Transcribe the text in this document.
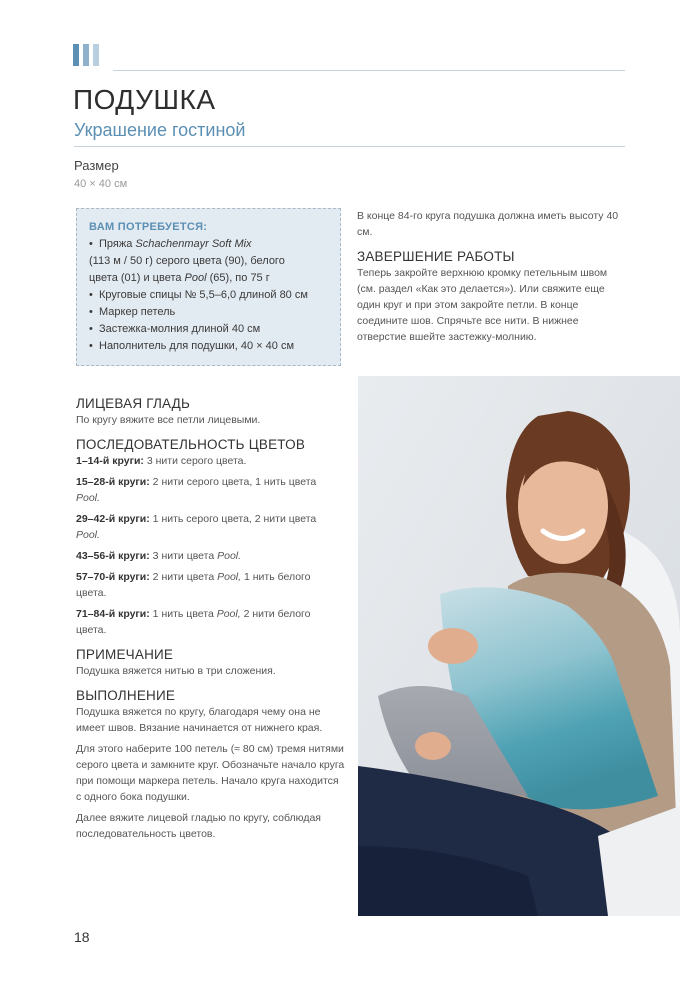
ПОДУШКА
Украшение гостиной
Размер
40 × 40 см
ВАМ ПОТРЕБУЕТСЯ:
• Пряжа Schachenmayr Soft Mix
(113 м / 50 г) серого цвета (90), белого
цвета (01) и цвета Pool (65), по 75 г
• Круговые спицы № 5,5–6,0 длиной 80 см
• Маркер петель
• Застежка-молния длиной 40 см
• Наполнитель для подушки, 40 × 40 см

В конце 84-го круга подушка должна иметь высоту 40 см.

ЗАВЕРШЕНИЕ РАБОТЫ

Теперь закройте верхнюю кромку петельным швом (см. раздел «Как это делается»). Или свяжите еще один круг и при этом закройте петли. В конце соедините шов. Спрячьте все нити. В нижнее отверстие вшейте застежку-молнию.

ЛИЦЕВАЯ ГЛАДЬ

По кругу вяжите все петли лицевыми.

ПОСЛЕДОВАТЕЛЬНОСТЬ ЦВЕТОВ

1–14-й круги: 3 нити серого цвета.

15–28-й круги: 2 нити серого цвета, 1 нить цвета
Pool.

29–42-й круги: 1 нить серого цвета, 2 нити цвета
Pool.

43–56-й круги: 3 нити цвета Pool.

57–70-й круги: 2 нити цвета Pool, 1 нить белого
цвета.

71–84-й круги: 1 нить цвета Pool, 2 нити белого
цвета.

ПРИМЕЧАНИЕ

Подушка вяжется нитью в три сложения.

ВЫПОЛНЕНИЕ

Подушка вяжется по кругу, благодаря чему она не имеет швов. Вязание начинается от нижнего края.

Для этого наберите 100 петель (≈ 80 см) тремя нитями серого цвета и замкните круг. Обозначьте начало круга при помощи маркера петель. Начало круга находится с одного бока подушки.

Далее вяжите лицевой гладью по кругу, соблюдая последовательность цветов.

18
